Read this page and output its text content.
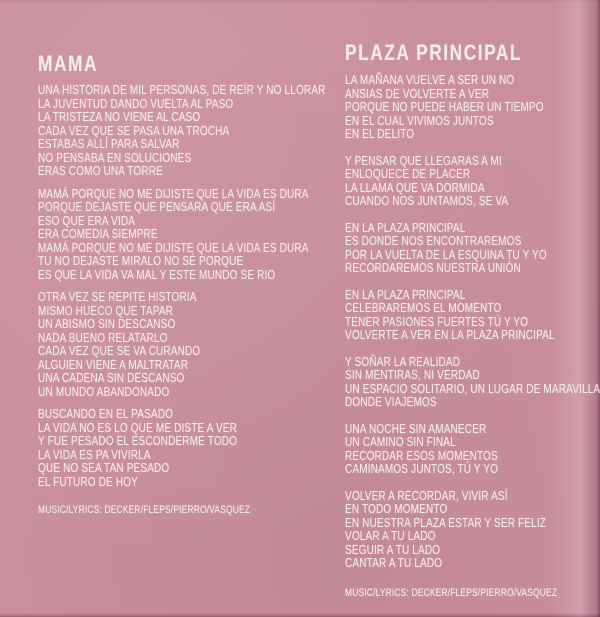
MAMA
UNA HISTORIA DE MIL PERSONAS, DE REÍR Y NO LLORAR
LA JUVENTUD DANDO VUELTA AL PASO
LA TRISTEZA NO VIENE AL CASO
CADA VEZ QUE SE PASA UNA TROCHA
ESTABAS ALLÍ PARA SALVAR
NO PENSABA EN SOLUCIONES
ERAS COMO UNA TORRE
MAMÁ PORQUE NO ME DIJISTE QUE LA VIDA ES DURA
PORQUE DEJASTE QUE PENSARA QUE ERA ASÍ
ESO QUE ERA VIDA
ERA COMEDIA SIEMPRE
MAMÁ PORQUE NO ME DIJISTE QUE LA VIDA ES DURA
TU NO DEJASTE MIRALO NO SÉ PORQUE
ES QUE LA VIDA VA MAL Y ESTE MUNDO SE RIO
OTRA VEZ SE REPITE HISTORIA
MISMO HUECO QUE TAPAR
UN ABISMO SIN DESCANSO
NADA BUENO RELATARLO
CADA VEZ QUE SE VA CURANDO
ALGUIEN VIENE A MALTRATAR
UNA CADENA SIN DESCANSO
UN MUNDO ABANDONADO
BUSCANDO EN EL PASADO
LA VIDA NO ES LO QUE ME DISTE A VER
Y FUE PESADO EL ESCONDERME TODO
LA VIDA ES PA VIVIRLA
QUE NO SEA TAN PESADO
EL FUTURO DE HOY
MUSIC/LYRICS: DECKER/FLEPS/PIERRO/VASQUEZ
PLAZA PRINCIPAL
LA MAÑANA VUELVE A SER UN NO
ANSIAS DE VOLVERTE A VER
PORQUE NO PUEDE HABER UN TIEMPO
EN EL CUAL VIVIMOS JUNTOS
EN EL DELITO
Y PENSAR QUE LLEGARAS A MI
ENLOQUECE DE PLACER
LA LLAMA QUE VA DORMIDA
CUANDO NOS JUNTAMOS, SE VA
EN LA PLAZA PRINCIPAL
ES DONDE NOS ENCONTRAREMOS
POR LA VUELTA DE LA ESQUINA TU Y YO
RECORDAREMOS NUESTRA UNIÓN
EN LA PLAZA PRINCIPAL
CELEBRAREMOS EL MOMENTO
TENER PASIONES FUERTES TÚ Y YO
VOLVERTE A VER EN LA PLAZA PRINCIPAL
Y SOÑAR LA REALIDAD
SIN MENTIRAS, NI VERDAD
UN ESPACIO SOLITARIO, UN LUGAR DE MARAVILLA
DONDE VIAJEMOS
UNA NOCHE SIN AMANECER
UN CAMINO SIN FINAL
RECORDAR ESOS MOMENTOS
CAMINAMOS JUNTOS, TÚ Y YO
VOLVER A RECORDAR, VIVIR ASÍ
EN TODO MOMENTO
EN NUESTRA PLAZA ESTAR Y SER FELIZ
VOLAR A TU LADO
SEGUIR A TU LADO
CANTAR A TU LADO
MUSIC/LYRICS: DECKER/FLEPS/PIERRO/VASQUEZ
